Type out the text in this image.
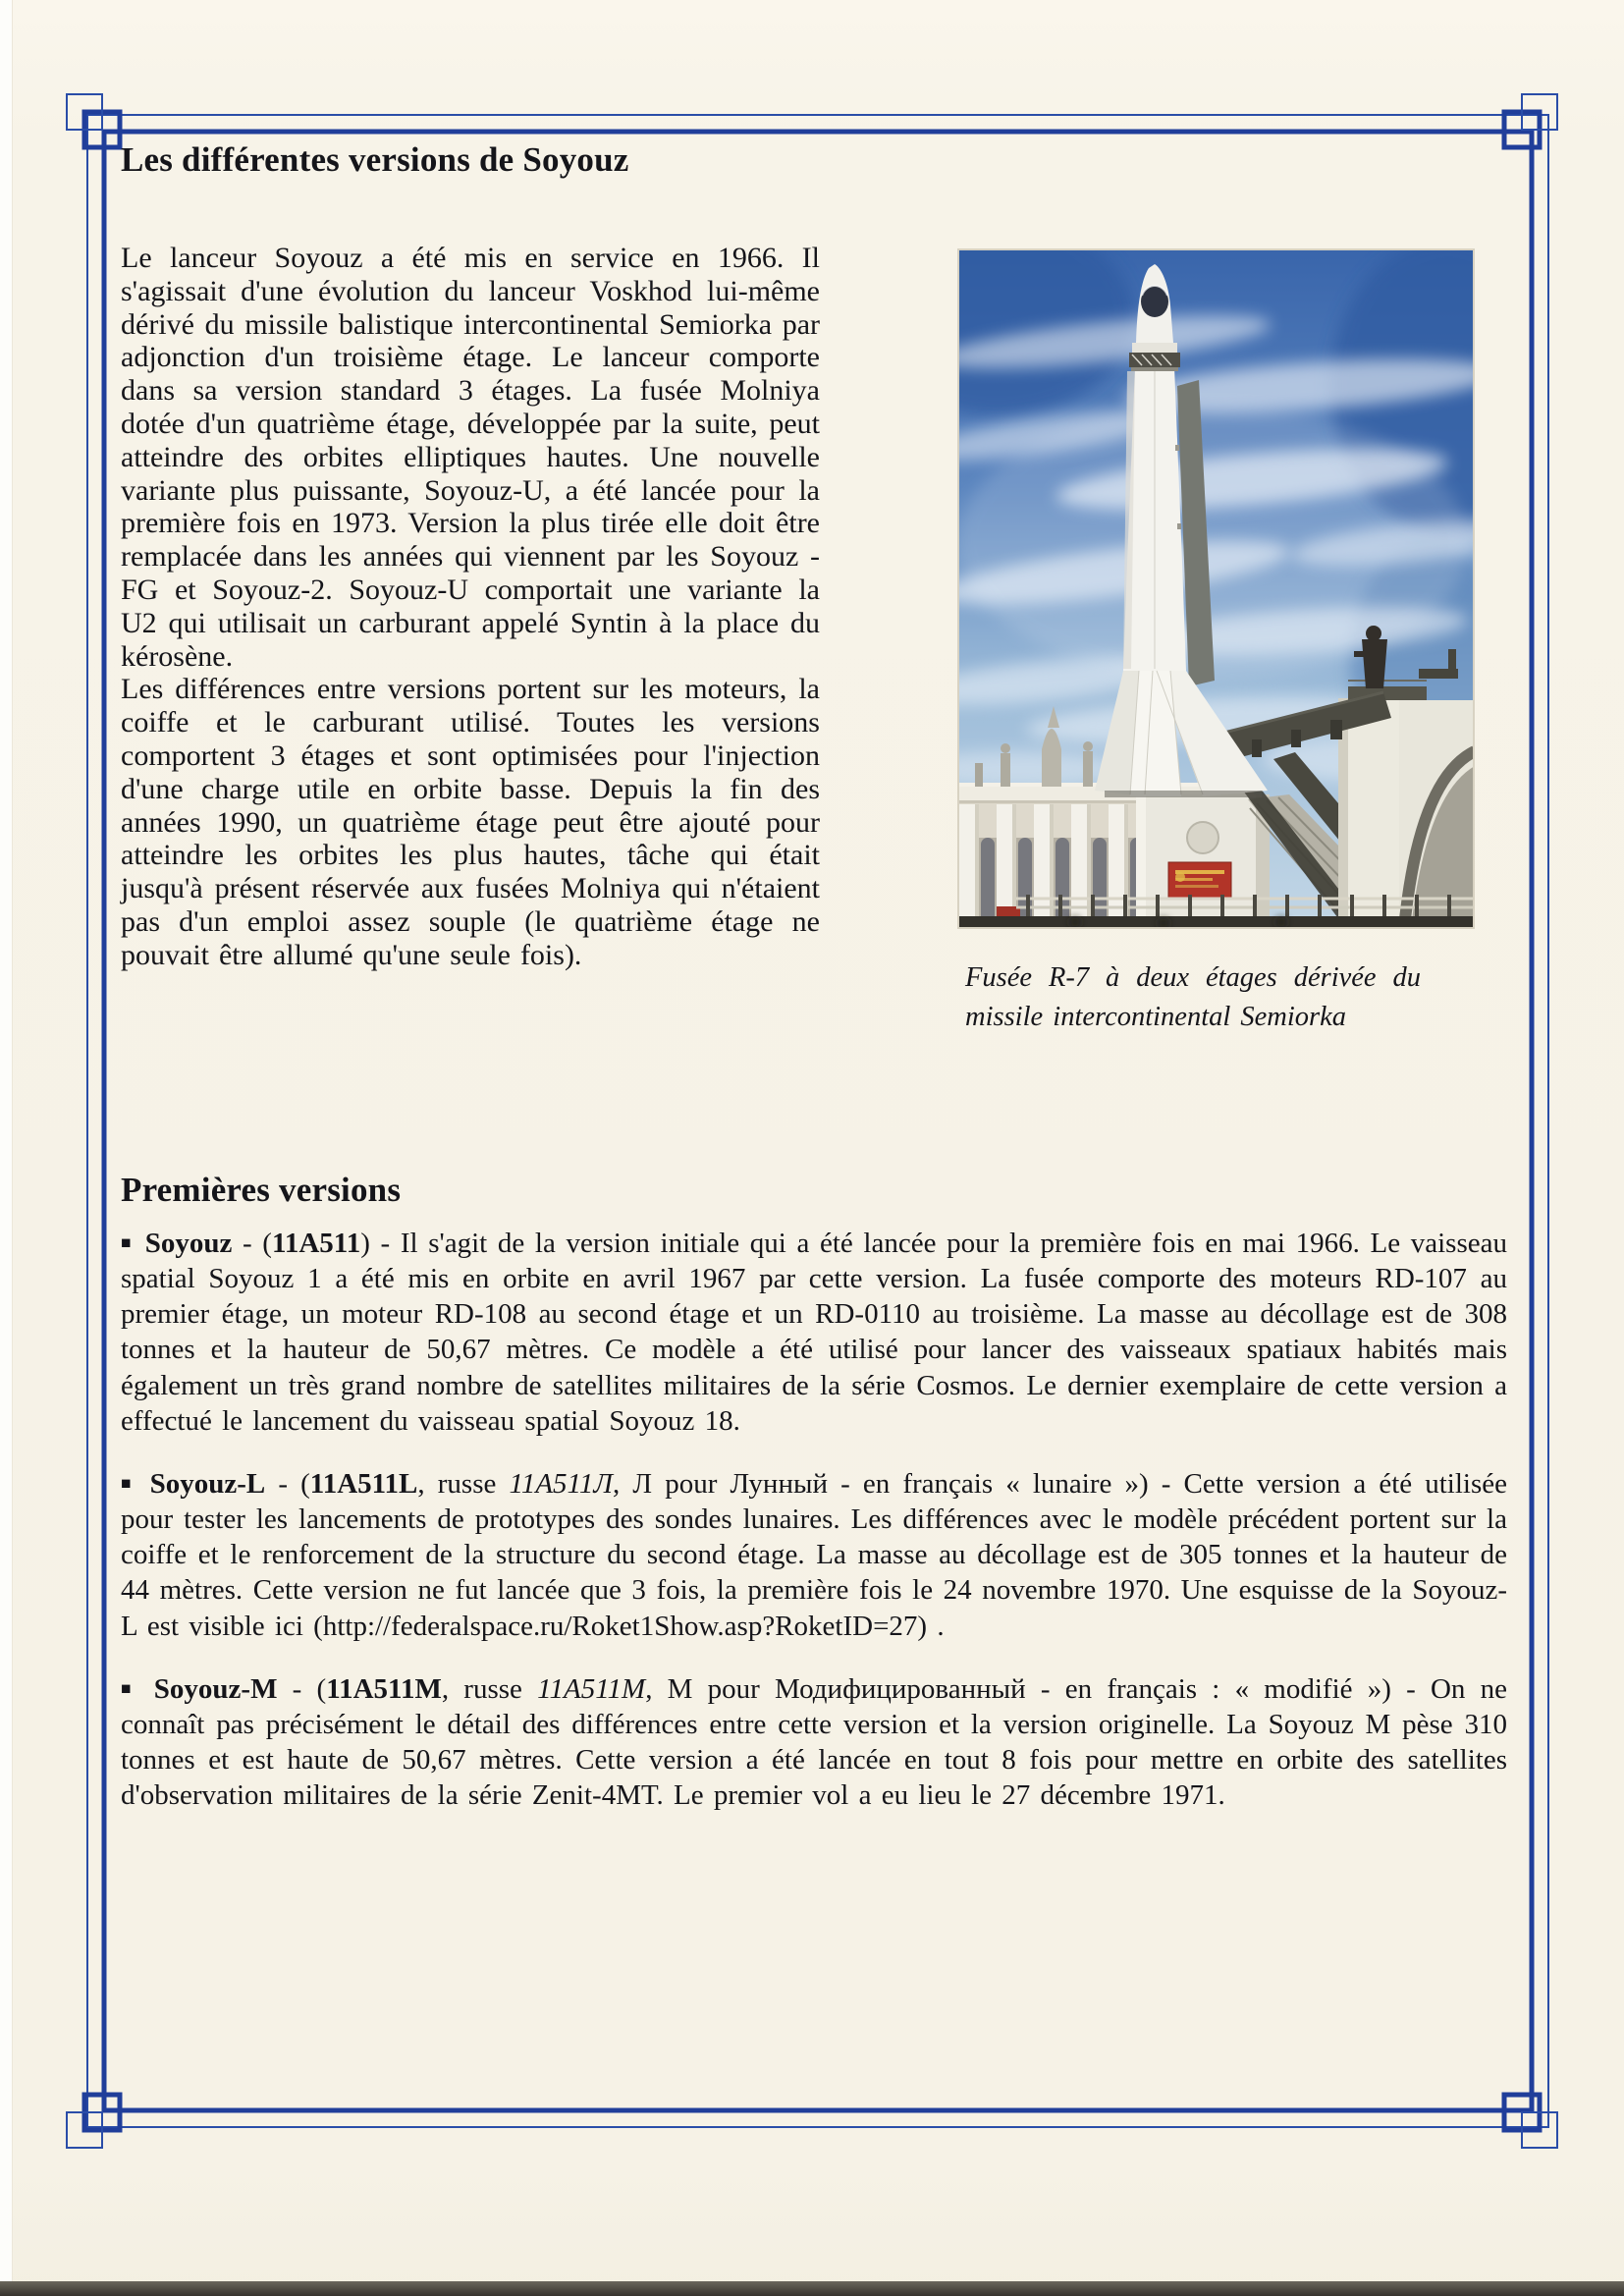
Les différentes versions de Soyouz

Le lanceur Soyouz a été mis en service en 1966. Il s'agissait d'une évolution du lanceur Voskhod lui-même dérivé du missile balistique intercontinental Semiorka par adjonction d'un troisième étage. Le lanceur comporte dans sa version standard 3 étages. La fusée Molniya dotée d'un quatrième étage, développée par la suite, peut atteindre des orbites elliptiques hautes. Une nouvelle variante plus puissante, Soyouz-U, a été lancée pour la première fois en 1973. Version la plus tirée elle doit être remplacée dans les années qui viennent par les Soyouz -FG et Soyouz-2. Soyouz-U comportait une variante la U2 qui utilisait un carburant appelé Syntin à la place du kérosène.

Les différences entre versions portent sur les moteurs, la coiffe et le carburant utilisé. Toutes les versions comportent 3 étages et sont optimisées pour l'injection d'une charge utile en orbite basse. Depuis la fin des années 1990, un quatrième étage peut être ajouté pour atteindre les orbites les plus hautes, tâche qui était jusqu'à présent réservée aux fusées Molniya qui n'étaient pas d'un emploi assez souple (le quatrième étage ne pouvait être allumé qu'une seule fois).

Fusée R-7 à deux étages dérivée du missile intercontinental Semiorka

Premières versions

■ Soyouz - (11A511) - Il s'agit de la version initiale qui a été lancée pour la première fois en mai 1966. Le vaisseau spatial Soyouz 1 a été mis en orbite en avril 1967 par cette version. La fusée comporte des moteurs RD-107 au premier étage, un moteur RD-108 au second étage et un RD-0110 au troisième. La masse au décollage est de 308 tonnes et la hauteur de 50,67 mètres. Ce modèle a été utilisé pour lancer des vaisseaux spatiaux habités mais également un très grand nombre de satellites militaires de la série Cosmos. Le dernier exemplaire de cette version a effectué le lancement du vaisseau spatial Soyouz 18.

■ Soyouz-L - (11A511L, russe 11A511Л, Л pour Лунный - en français « lunaire ») - Cette version a été utilisée pour tester les lancements de prototypes des sondes lunaires. Les différences avec le modèle précédent portent sur la coiffe et le renforcement de la structure du second étage. La masse au décollage est de 305 tonnes et la hauteur de 44 mètres. Cette version ne fut lancée que 3 fois, la première fois le 24 novembre 1970. Une esquisse de la Soyouz-L est visible ici (http://federalspace.ru/Roket1Show.asp?RoketID=27) .

■ Soyouz-M - (11A511M, russe 11A511М, М pour Модифицированный - en français : « modifié ») - On ne connaît pas précisément le détail des différences entre cette version et la version originelle. La Soyouz M pèse 310 tonnes et est haute de 50,67 mètres. Cette version a été lancée en tout 8 fois pour mettre en orbite des satellites d'observation militaires de la série Zenit-4MT. Le premier vol a eu lieu le 27 décembre 1971.
